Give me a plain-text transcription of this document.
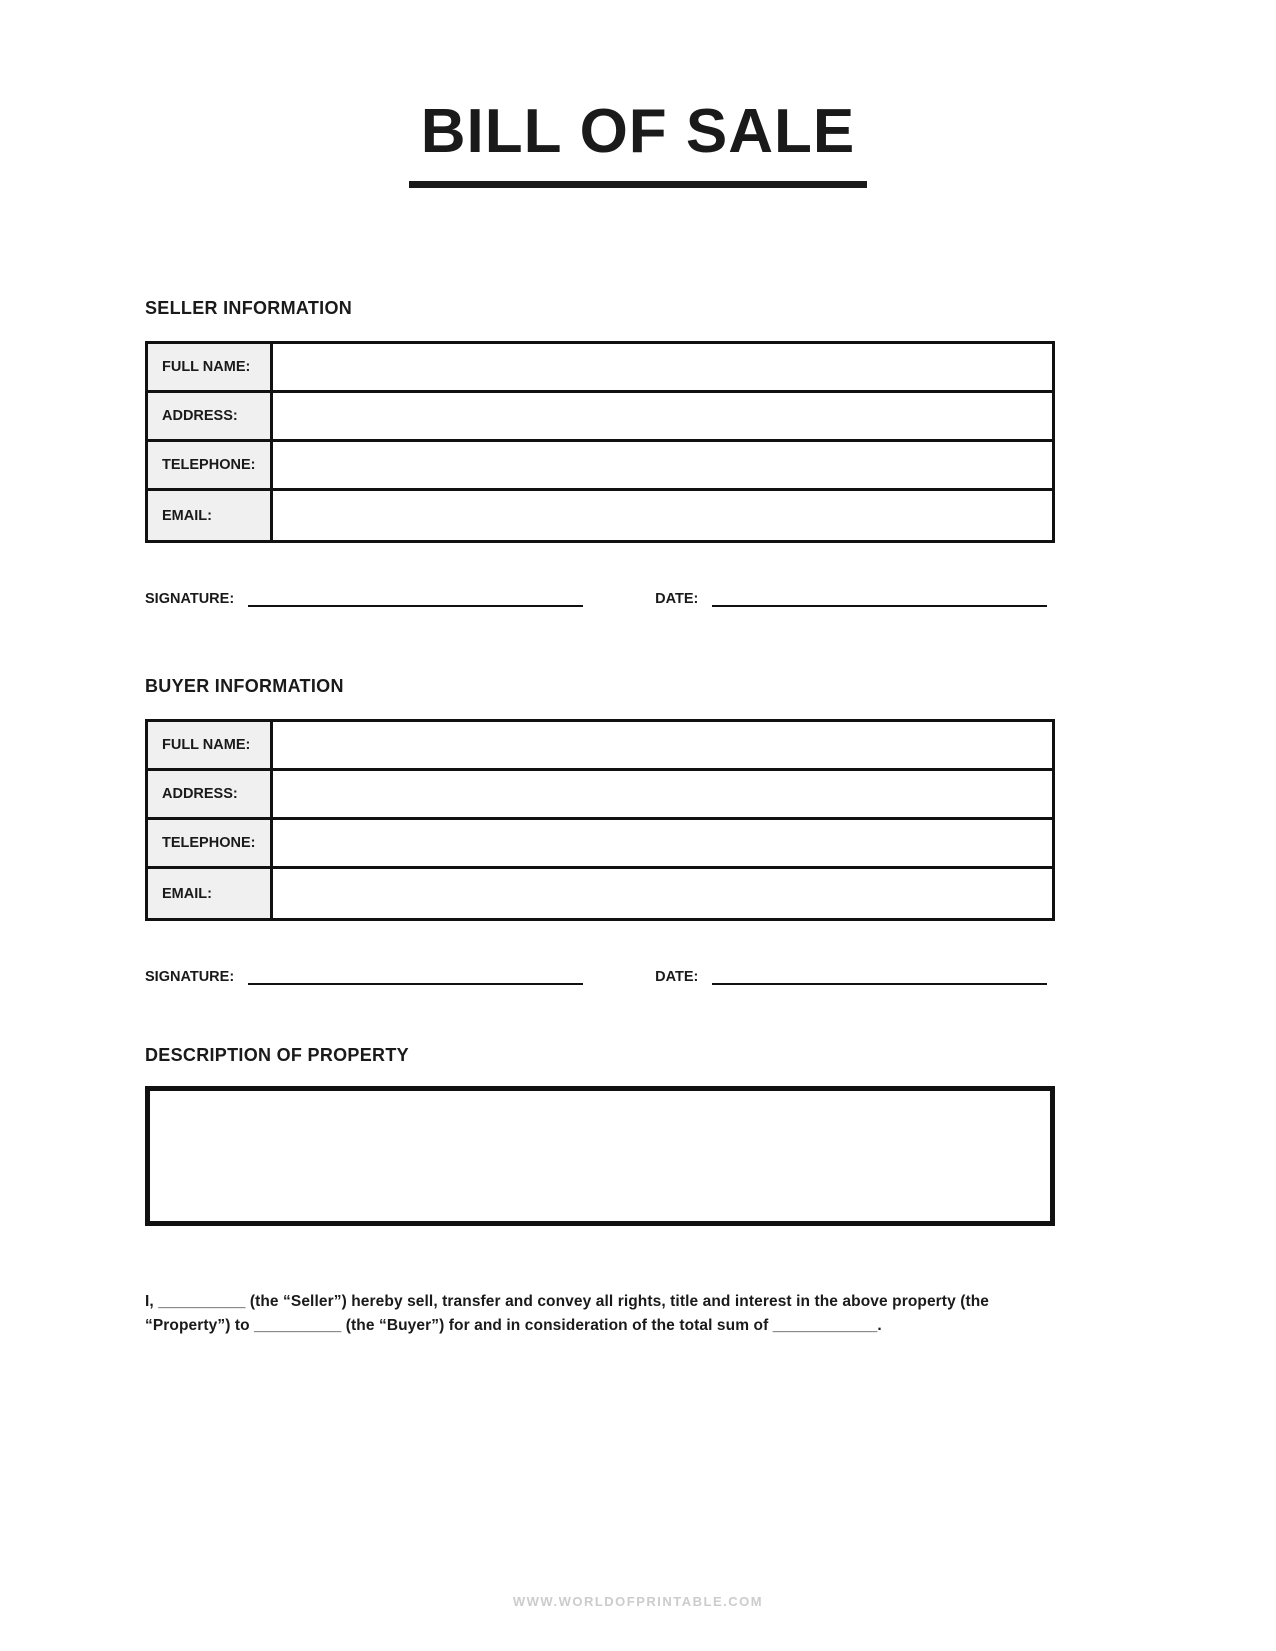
BILL OF SALE
SELLER INFORMATION
FULL NAME:
ADDRESS:
TELEPHONE:
EMAIL:
SIGNATURE:	DATE:
BUYER INFORMATION
FULL NAME:
ADDRESS:
TELEPHONE:
EMAIL:
SIGNATURE:	DATE:
DESCRIPTION OF PROPERTY
I, __________ (the “Seller”) hereby sell, transfer and convey all rights, title and interest in the above property (the “Property”) to __________ (the “Buyer”) for and in consideration of the total sum of ____________.
WWW.WORLDOFPRINTABLE.COM
